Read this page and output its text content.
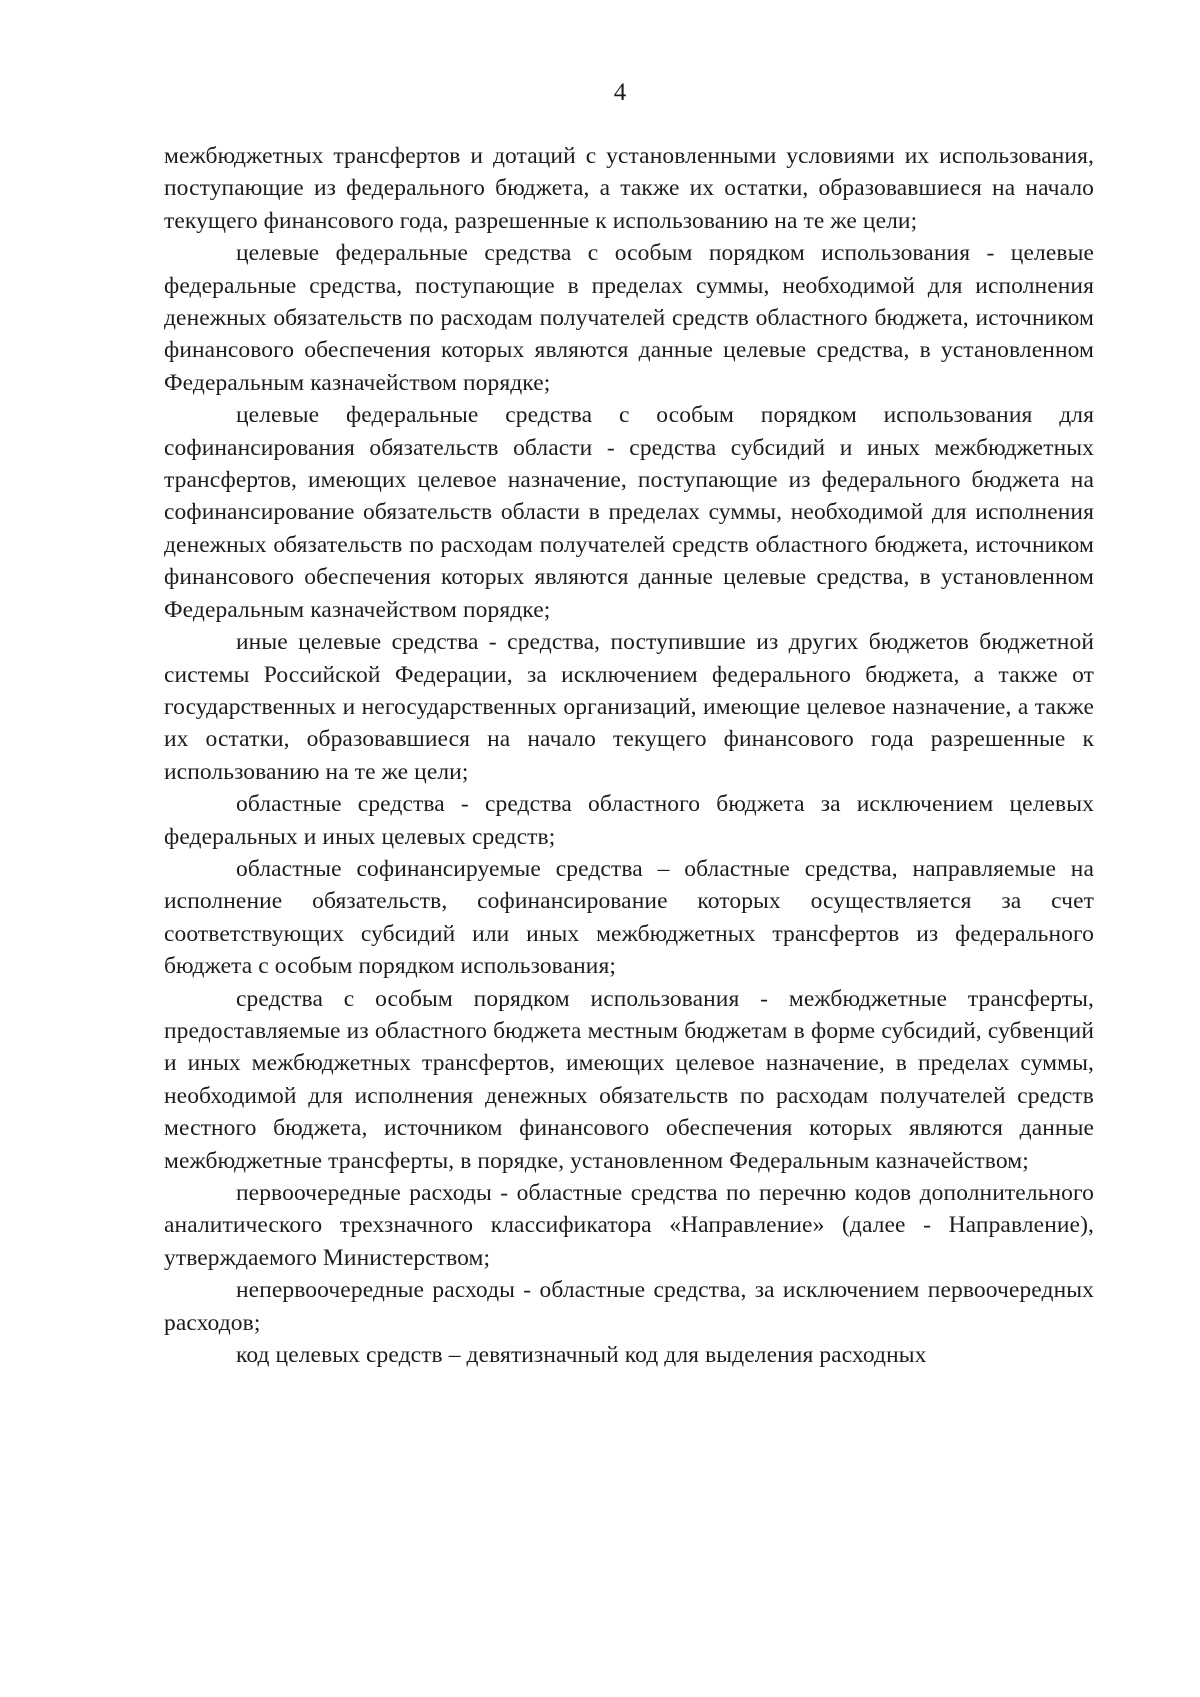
4

межбюджетных трансфертов и дотаций с установленными условиями их использования, поступающие из федерального бюджета, а также их остатки, образовавшиеся на начало текущего финансового года, разрешенные к использованию на те же цели;

целевые федеральные средства с особым порядком использования - целевые федеральные средства, поступающие в пределах суммы, необходимой для исполнения денежных обязательств по расходам получателей средств областного бюджета, источником финансового обеспечения которых являются данные целевые средства, в установленном Федеральным казначейством порядке;

целевые федеральные средства с особым порядком использования для софинансирования обязательств области - средства субсидий и иных межбюджетных трансфертов, имеющих целевое назначение, поступающие из федерального бюджета на софинансирование обязательств области в пределах суммы, необходимой для исполнения денежных обязательств по расходам получателей средств областного бюджета, источником финансового обеспечения которых являются данные целевые средства, в установленном Федеральным казначейством порядке;

иные целевые средства - средства, поступившие из других бюджетов бюджетной системы Российской Федерации, за исключением федерального бюджета, а также от государственных и негосударственных организаций, имеющие целевое назначение, а также их остатки, образовавшиеся на начало текущего финансового года разрешенные к использованию на те же цели;

областные средства - средства областного бюджета за исключением целевых федеральных и иных целевых средств;

областные софинансируемые средства – областные средства, направляемые на исполнение обязательств, софинансирование которых осуществляется за счет соответствующих субсидий или иных межбюджетных трансфертов из федерального бюджета с особым порядком использования;

средства с особым порядком использования - межбюджетные трансферты, предоставляемые из областного бюджета местным бюджетам в форме субсидий, субвенций и иных межбюджетных трансфертов, имеющих целевое назначение, в пределах суммы, необходимой для исполнения денежных обязательств по расходам получателей средств местного бюджета, источником финансового обеспечения которых являются данные межбюджетные трансферты, в порядке, установленном Федеральным казначейством;

первоочередные расходы - областные средства по перечню кодов дополнительного аналитического трехзначного классификатора «Направление» (далее - Направление), утверждаемого Министерством;

непервоочередные расходы - областные средства, за исключением первоочередных расходов;

код целевых средств – девятизначный код для выделения расходных
